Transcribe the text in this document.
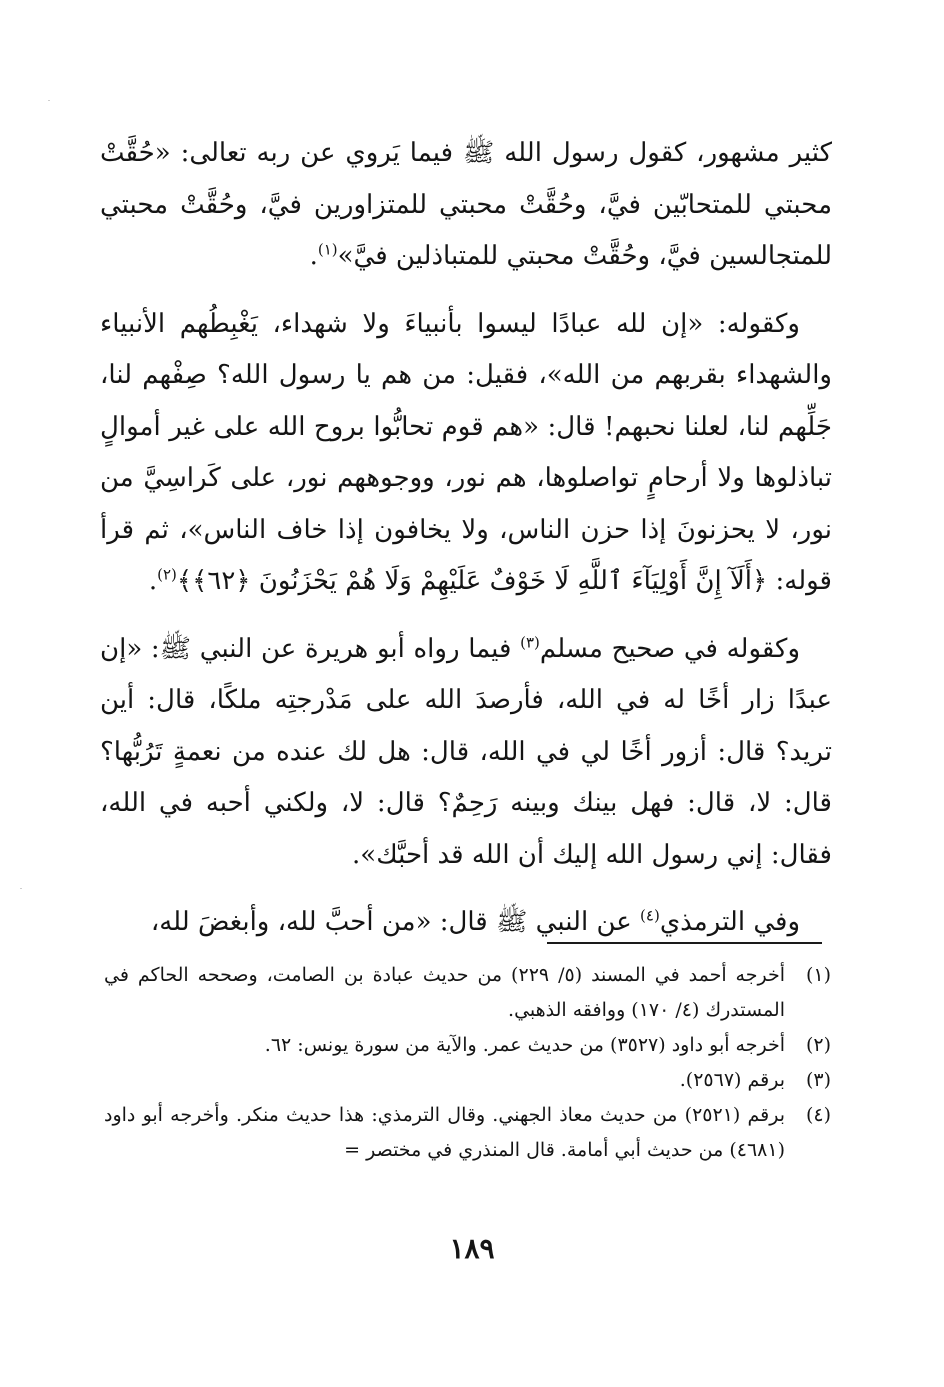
كثير مشهور، كقول رسول الله ﷺ فيما يَروي عن ربه تعالى: «حُقَّتْ محبتي للمتحابّين فيَّ، وحُقَّتْ محبتي للمتزاورين فيَّ، وحُقَّتْ محبتي للمتجالسين فيَّ، وحُقَّتْ محبتي للمتباذلين فيَّ»$^{(١)}$.

وكقوله: «إن لله عبادًا ليسوا بأنبياءَ ولا شهداء، يَغْبِطُهم الأنبياء والشهداء بقربهم من الله»، فقيل: من هم يا رسول الله؟ صِفْهم لنا، جَلِّهم لنا، لعلنا نحبهم! قال: «هم قوم تحابُّوا بروح الله على غير أموالٍ تباذلوها ولا أرحامٍ تواصلوها، هم نور، ووجوههم نور، على كَراسِيَّ من نور، لا يحزنونَ إذا حزن الناس، ولا يخافون إذا خاف الناس»، ثم قرأ قوله: ﴿أَلَآ إِنَّ أَوْلِيَآءَ ٱللَّهِ لَا خَوْفٌ عَلَيْهِمْ وَلَا هُمْ يَحْزَنُونَ ﴿٦٢﴾﴾$^{(٢)}$.

وكقوله في صحيح مسلم$^{(٣)}$ فيما رواه أبو هريرة عن النبي ﷺ: «إن عبدًا زار أخًا له في الله، فأرصدَ الله على مَدْرجتِه ملكًا، قال: أين تريد؟ قال: أزور أخًا لي في الله، قال: هل لك عنده من نعمةٍ تَرُبُّها؟ قال: لا، قال: فهل بينك وبينه رَحِمٌ؟ قال: لا، ولكني أحبه في الله، فقال: إني رسول الله إليك أن الله قد أحبَّك».

وفي الترمذي$^{(٤)}$ عن النبي ﷺ قال: «من أحبَّ لله، وأبغضَ لله،

(١)
أخرجه أحمد في المسند (٥/ ٢٢٩) من حديث عبادة بن الصامت، وصححه الحاكم في المستدرك (٤/ ١٧٠) ووافقه الذهبي.
(٢)
أخرجه أبو داود (٣٥٢٧) من حديث عمر. والآية من سورة يونس: ٦٢.
(٣)
برقم (٢٥٦٧).
(٤)
برقم (٢٥٢١) من حديث معاذ الجهني. وقال الترمذي: هذا حديث منكر. وأخرجه أبو داود (٤٦٨١) من حديث أبي أمامة. قال المنذري في مختصر =
١٨٩
